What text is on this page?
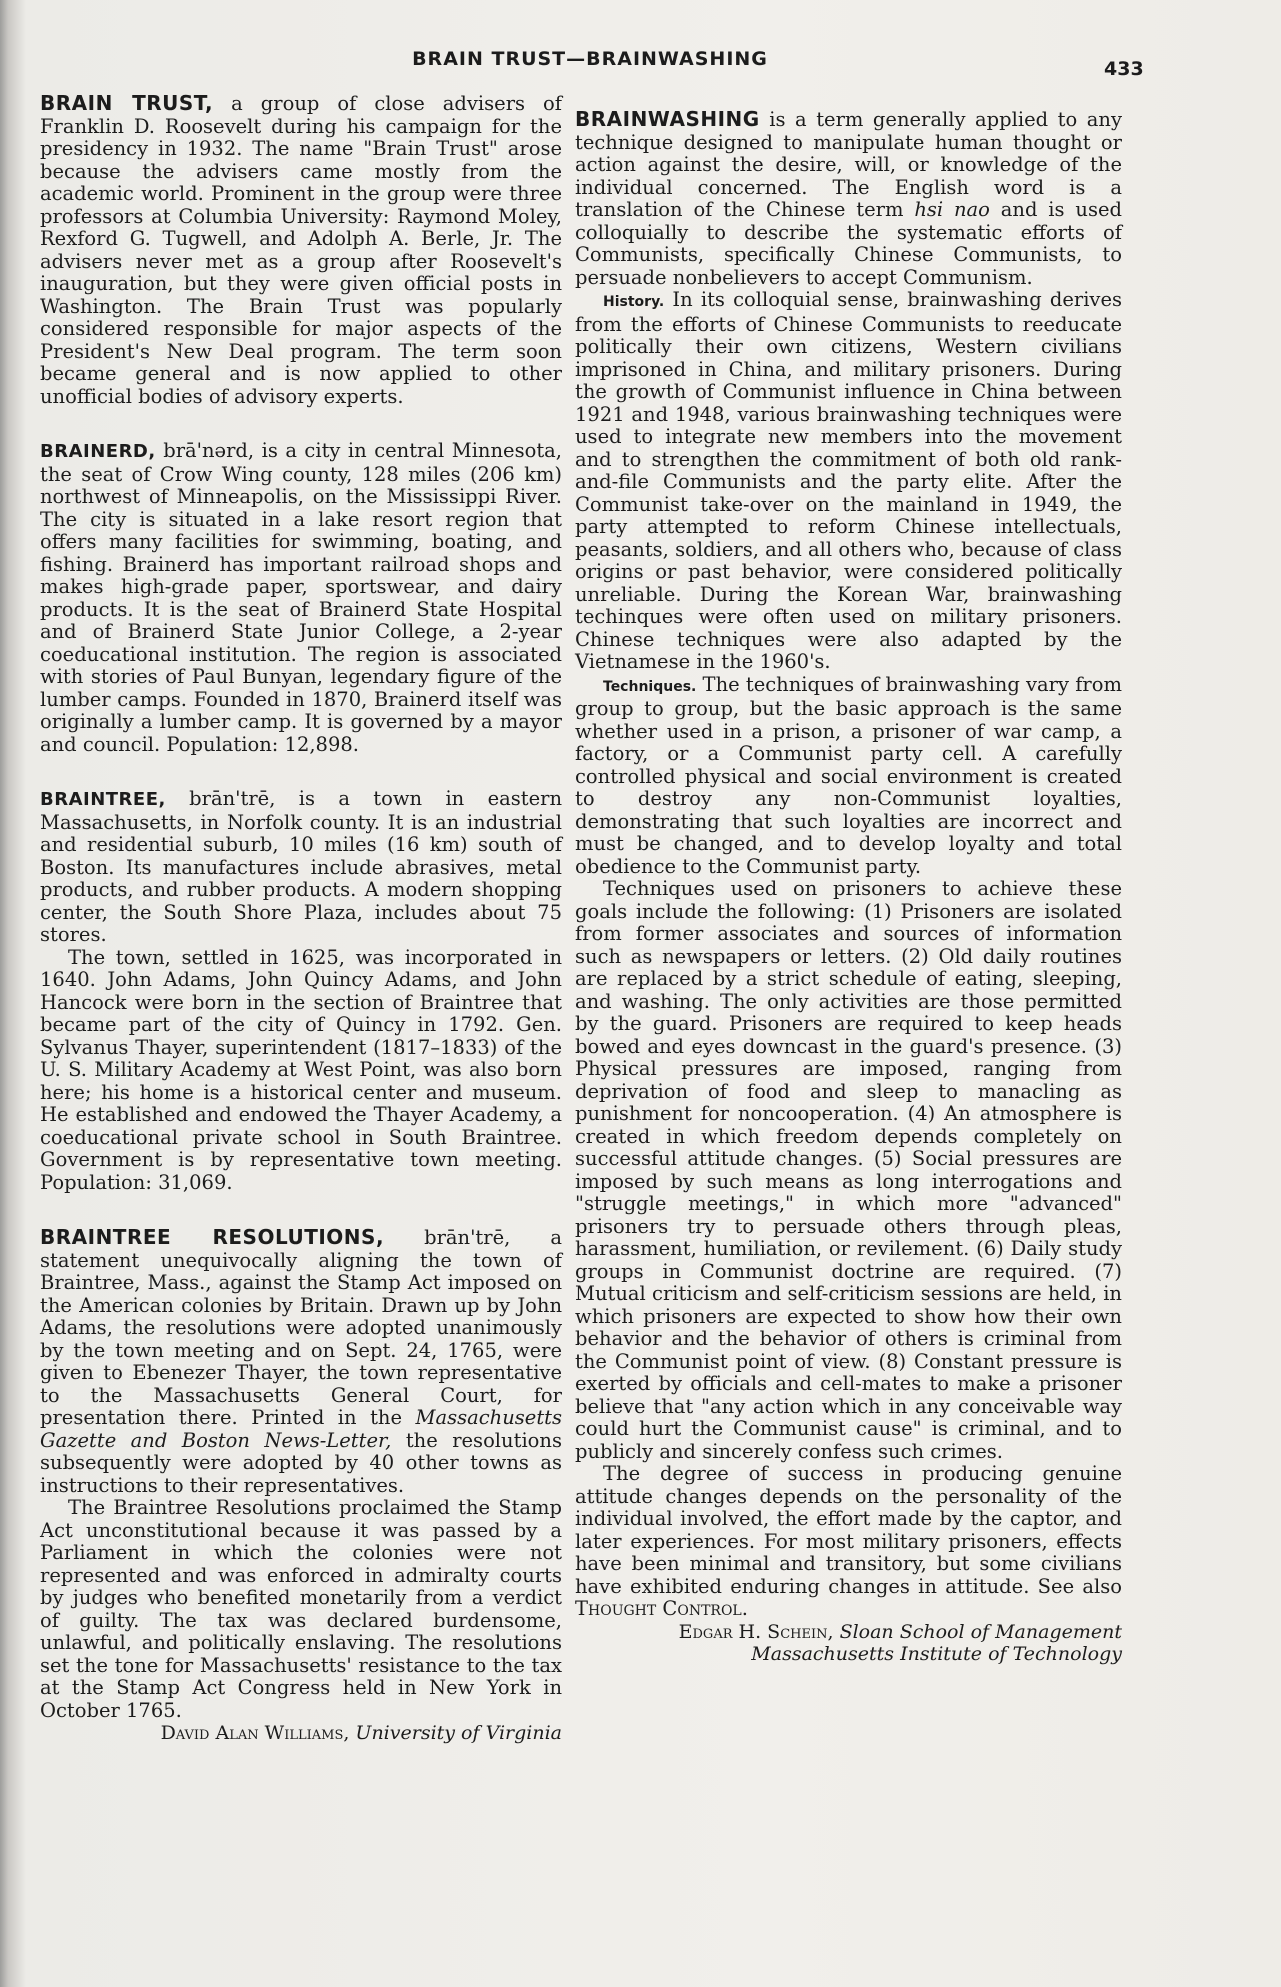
BRAIN TRUST—BRAINWASHING	433

BRAIN TRUST, a group of close advisers of Franklin D. Roosevelt during his campaign for the presidency in 1932. The name "Brain Trust" arose because the advisers came mostly from the academic world. Prominent in the group were three professors at Columbia University: Raymond Moley, Rexford G. Tugwell, and Adolph A. Berle, Jr. The advisers never met as a group after Roosevelt's inauguration, but they were given official posts in Washington. The Brain Trust was popularly considered responsible for major aspects of the President's New Deal program. The term soon became general and is now applied to other unofficial bodies of advisory experts.

BRAINERD, brā'nərd, is a city in central Minnesota, the seat of Crow Wing county, 128 miles (206 km) northwest of Minneapolis, on the Mississippi River. The city is situated in a lake resort region that offers many facilities for swimming, boating, and fishing. Brainerd has important railroad shops and makes high-grade paper, sportswear, and dairy products. It is the seat of Brainerd State Hospital and of Brainerd State Junior College, a 2-year coeducational institution. The region is associated with stories of Paul Bunyan, legendary figure of the lumber camps. Founded in 1870, Brainerd itself was originally a lumber camp. It is governed by a mayor and council. Population: 12,898.

BRAINTREE, brān'trē, is a town in eastern Massachusetts, in Norfolk county. It is an industrial and residential suburb, 10 miles (16 km) south of Boston. Its manufactures include abrasives, metal products, and rubber products. A modern shopping center, the South Shore Plaza, includes about 75 stores.

The town, settled in 1625, was incorporated in 1640. John Adams, John Quincy Adams, and John Hancock were born in the section of Braintree that became part of the city of Quincy in 1792. Gen. Sylvanus Thayer, superintendent (1817–1833) of the U. S. Military Academy at West Point, was also born here; his home is a historical center and museum. He established and endowed the Thayer Academy, a coeducational private school in South Braintree. Government is by representative town meeting. Population: 31,069.

BRAINTREE RESOLUTIONS, brān'trē, a statement unequivocally aligning the town of Braintree, Mass., against the Stamp Act imposed on the American colonies by Britain. Drawn up by John Adams, the resolutions were adopted unanimously by the town meeting and on Sept. 24, 1765, were given to Ebenezer Thayer, the town representative to the Massachusetts General Court, for presentation there. Printed in the Massachusetts Gazette and Boston News-Letter, the resolutions subsequently were adopted by 40 other towns as instructions to their representatives.

The Braintree Resolutions proclaimed the Stamp Act unconstitutional because it was passed by a Parliament in which the colonies were not represented and was enforced in admiralty courts by judges who benefited monetarily from a verdict of guilty. The tax was declared burdensome, unlawful, and politically enslaving. The resolutions set the tone for Massachusetts' resistance to the tax at the Stamp Act Congress held in New York in October 1765.

David Alan Williams, University of Virginia

BRAINWASHING is a term generally applied to any technique designed to manipulate human thought or action against the desire, will, or knowledge of the individual concerned. The English word is a translation of the Chinese term hsi nao and is used colloquially to describe the systematic efforts of Communists, specifically Chinese Communists, to persuade nonbelievers to accept Communism.

History. In its colloquial sense, brainwashing derives from the efforts of Chinese Communists to reeducate politically their own citizens, Western civilians imprisoned in China, and military prisoners. During the growth of Communist influence in China between 1921 and 1948, various brainwashing techniques were used to integrate new members into the movement and to strengthen the commitment of both old rank-and-file Communists and the party elite. After the Communist take-over on the mainland in 1949, the party attempted to reform Chinese intellectuals, peasants, soldiers, and all others who, because of class origins or past behavior, were considered politically unreliable. During the Korean War, brainwashing techinques were often used on military prisoners. Chinese techniques were also adapted by the Vietnamese in the 1960's.

Techniques. The techniques of brainwashing vary from group to group, but the basic approach is the same whether used in a prison, a prisoner of war camp, a factory, or a Communist party cell. A carefully controlled physical and social environment is created to destroy any non-Communist loyalties, demonstrating that such loyalties are incorrect and must be changed, and to develop loyalty and total obedience to the Communist party.

Techniques used on prisoners to achieve these goals include the following: (1) Prisoners are isolated from former associates and sources of information such as newspapers or letters. (2) Old daily routines are replaced by a strict schedule of eating, sleeping, and washing. The only activities are those permitted by the guard. Prisoners are required to keep heads bowed and eyes downcast in the guard's presence. (3) Physical pressures are imposed, ranging from deprivation of food and sleep to manacling as punishment for noncooperation. (4) An atmosphere is created in which freedom depends completely on successful attitude changes. (5) Social pressures are imposed by such means as long interrogations and "struggle meetings," in which more "advanced" prisoners try to persuade others through pleas, harassment, humiliation, or revilement. (6) Daily study groups in Communist doctrine are required. (7) Mutual criticism and self-criticism sessions are held, in which prisoners are expected to show how their own behavior and the behavior of others is criminal from the Communist point of view. (8) Constant pressure is exerted by officials and cell-mates to make a prisoner believe that "any action which in any conceivable way could hurt the Communist cause" is criminal, and to publicly and sincerely confess such crimes.

The degree of success in producing genuine attitude changes depends on the personality of the individual involved, the effort made by the captor, and later experiences. For most military prisoners, effects have been minimal and transitory, but some civilians have exhibited enduring changes in attitude. See also Thought Control.

Edgar H. Schein, Sloan School of Management

Massachusetts Institute of Technology
